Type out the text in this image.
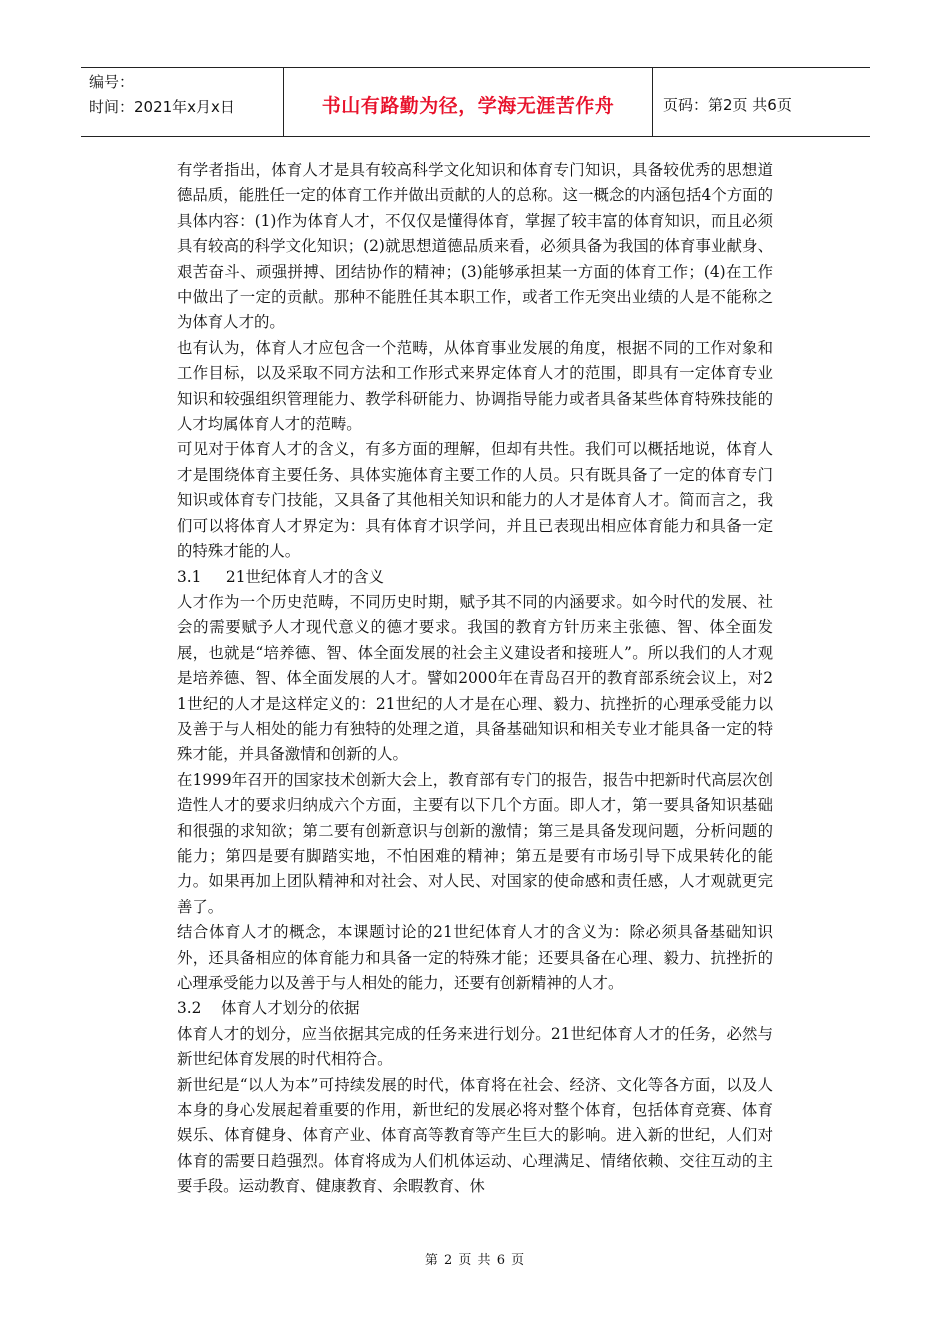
编号：
时间：2021年x月x日	书山有路勤为径，学海无涯苦作舟	页码：第2页 共6页

有学者指出，体育人才是具有较高科学文化知识和体育专门知识，具备较优秀的思想道德品质，能胜任一定的体育工作并做出贡献的人的总称。这一概念的内涵包括4个方面的具体内容：(1)作为体育人才，不仅仅是懂得体育，掌握了较丰富的体育知识，而且必须具有较高的科学文化知识；(2)就思想道德品质来看，必须具备为我国的体育事业献身、艰苦奋斗、顽强拼搏、团结协作的精神；(3)能够承担某一方面的体育工作；(4)在工作中做出了一定的贡献。那种不能胜任其本职工作，或者工作无突出业绩的人是不能称之为体育人才的。

也有认为，体育人才应包含一个范畴，从体育事业发展的角度，根据不同的工作对象和工作目标，以及采取不同方法和工作形式来界定体育人才的范围，即具有一定体育专业知识和较强组织管理能力、教学科研能力、协调指导能力或者具备某些体育特殊技能的人才均属体育人才的范畴。

可见对于体育人才的含义，有多方面的理解，但却有共性。我们可以概括地说，体育人才是围绕体育主要任务、具体实施体育主要工作的人员。只有既具备了一定的体育专门知识或体育专门技能，又具备了其他相关知识和能力的人才是体育人才。简而言之，我们可以将体育人才界定为：具有体育才识学问，并且已表现出相应体育能力和具备一定的特殊才能的人。

3.1     21世纪体育人才的含义

人才作为一个历史范畴，不同历史时期，赋予其不同的内涵要求。如今时代的发展、社会的需要赋予人才现代意义的德才要求。我国的教育方针历来主张德、智、体全面发展，也就是“培养德、智、体全面发展的社会主义建设者和接班人”。所以我们的人才观是培养德、智、体全面发展的人才。譬如2000年在青岛召开的教育部系统会议上，对21世纪的人才是这样定义的：21世纪的人才是在心理、毅力、抗挫折的心理承受能力以及善于与人相处的能力有独特的处理之道，具备基础知识和相关专业才能具备一定的特殊才能，并具备激情和创新的人。

在1999年召开的国家技术创新大会上，教育部有专门的报告，报告中把新时代高层次创造性人才的要求归纳成六个方面，主要有以下几个方面。即人才，第一要具备知识基础和很强的求知欲；第二要有创新意识与创新的激情；第三是具备发现问题，分析问题的能力；第四是要有脚踏实地，不怕困难的精神；第五是要有市场引导下成果转化的能力。如果再加上团队精神和对社会、对人民、对国家的使命感和责任感，人才观就更完善了。

结合体育人才的概念，本课题讨论的21世纪体育人才的含义为：除必须具备基础知识外，还具备相应的体育能力和具备一定的特殊才能；还要具备在心理、毅力、抗挫折的心理承受能力以及善于与人相处的能力，还要有创新精神的人才。

3.2    体育人才划分的依据

体育人才的划分，应当依据其完成的任务来进行划分。21世纪体育人才的任务，必然与新世纪体育发展的时代相符合。

新世纪是“以人为本”可持续发展的时代，体育将在社会、经济、文化等各方面，以及人本身的身心发展起着重要的作用，新世纪的发展必将对整个体育，包括体育竞赛、体育娱乐、体育健身、体育产业、体育高等教育等产生巨大的影响。进入新的世纪，人们对体育的需要日趋强烈。体育将成为人们机体运动、心理满足、情绪依赖、交往互动的主要手段。运动教育、健康教育、余暇教育、休

第 2 页 共 6 页
